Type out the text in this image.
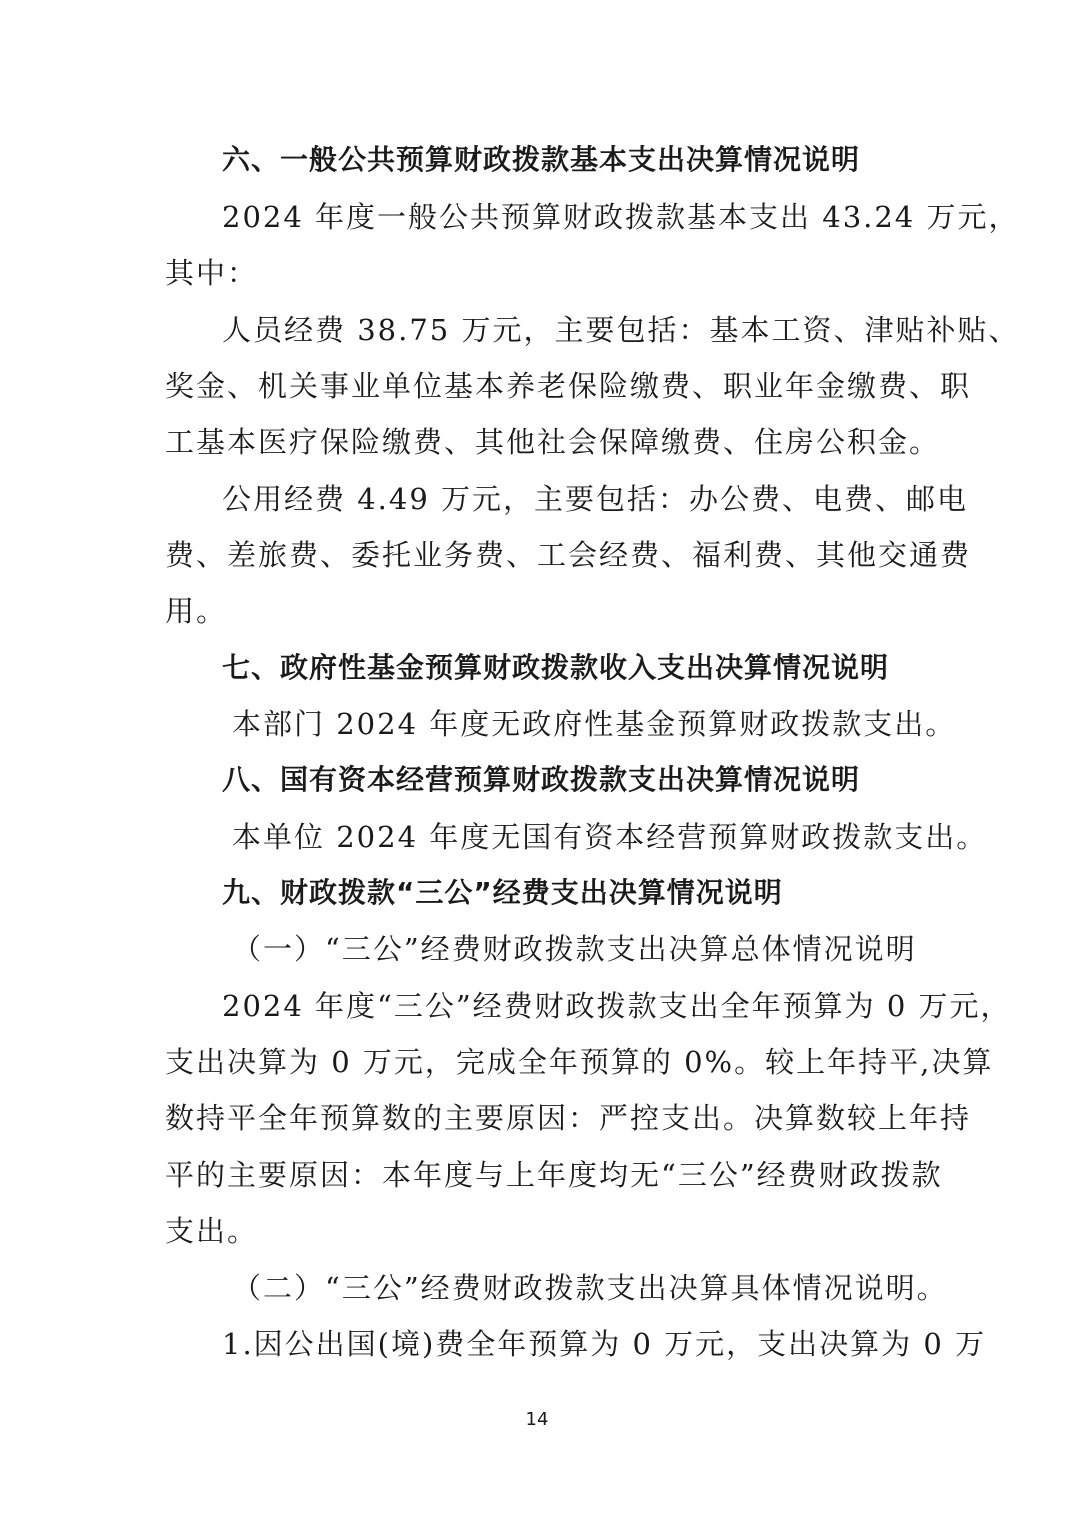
六、一般公共预算财政拨款基本支出决算情况说明

2024 年度一般公共预算财政拨款基本支出 43.24 万元，

其中：

人员经费 38.75 万元，主要包括：基本工资、津贴补贴、

奖金、机关事业单位基本养老保险缴费、职业年金缴费、职

工基本医疗保险缴费、其他社会保障缴费、住房公积金。

公用经费 4.49 万元，主要包括：办公费、电费、邮电

费、差旅费、委托业务费、工会经费、福利费、其他交通费

用。

七、政府性基金预算财政拨款收入支出决算情况说明

本部门 2024 年度无政府性基金预算财政拨款支出。

八、国有资本经营预算财政拨款支出决算情况说明

本单位 2024 年度无国有资本经营预算财政拨款支出。

九、财政拨款“三公”经费支出决算情况说明

（一）“三公”经费财政拨款支出决算总体情况说明

2024 年度“三公”经费财政拨款支出全年预算为 0 万元，

支出决算为 0 万元，完成全年预算的 0%。较上年持平,决算

数持平全年预算数的主要原因：严控支出。决算数较上年持

平的主要原因：本年度与上年度均无“三公”经费财政拨款

支出。

（二）“三公”经费财政拨款支出决算具体情况说明。

1.因公出国(境)费全年预算为 0 万元，支出决算为 0 万

14
